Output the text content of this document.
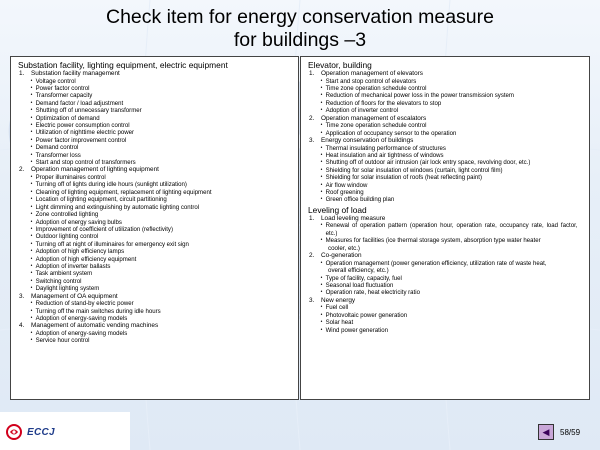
Check item for energy conservation measure
for buildings –3
Substation facility, lighting equipment, electric equipment
1.	Substation facility management
• Voltage control
• Power factor control
• Transformer capacity
• Demand factor / load adjustment
• Shutting off of unnecessary transformer
• Optimization of demand
• Electric power consumption control
• Utilization of nighttime electric power
• Power factor improvement control
• Demand control
• Transformer loss
• Start and stop control of transformers
2.	Operation management of lighting equipment
• Proper illuminaires control
• Turning off of lights during idle hours (sunlight utilization)
• Cleaning of lighting equipment, replacement of lighting equipment
• Location of lighting equipment, circuit partitioning
• Light dimming and extinguishing by automatic lighting control
• Zone controlled lighting
• Adoption of energy saving bulbs
• Improvement of coefficient of utilization (reflectivity)
• Outdoor lighting control
• Turning off at night of illuminaires for emergency exit sign
• Adoption of high efficiency lamps
• Adoption of high efficiency equipment
• Adoption of inverter ballasts
• Task ambient system
• Switching control
• Daylight lighting system
3.	Management of OA equipment
• Reduction of stand-by electric power
• Turning off the main switches during idle hours
• Adoption of energy-saving models
4.	Management of automatic vending machines
• Adoption of energy-saving models
• Service hour control
Elevator, building
1.	Operation management of elevators
• Start and stop control of elevators
• Time zone operation schedule control
• Reduction of mechanical power loss in the power transmission system
• Reduction of floors for the elevators to stop
• Adoption of inverter control
2.	Operation management of escalators
• Time zone operation schedule control
• Application of occupancy sensor to the operation
3.	Energy conservation of buildings
• Thermal insulating performance of structures
• Heat insulation and air tightness of windows
• Shutting off of outdoor air intrusion (air lock entry space, revolving door, etc.)
• Shielding for solar insulation of windows (curtain, light control film)
• Shielding for solar insulation of roofs (heat reflecting paint)
• Air flow window
• Roof greening
• Green office building plan
Leveling of load
1.	Load leveling measure
• Renewal of operation pattern (operation hour, operation rate, occupancy rate, load factor, etc.)
• Measures for facilities (ice thermal storage system, absorption type water heater
cooler, etc.)
2.	Co-generation
• Operation management (power generation efficiency, utilization rate of waste heat,
overall efficiency, etc.)
• Type of facility, capacity, fuel
• Seasonal load fluctuation
• Operation rate, heat electricity ratio
3.	New energy
• Fuel cell
• Photovoltaic power generation
• Solar heat
• Wind power generation
ECCJ	◀︎ 58/59
